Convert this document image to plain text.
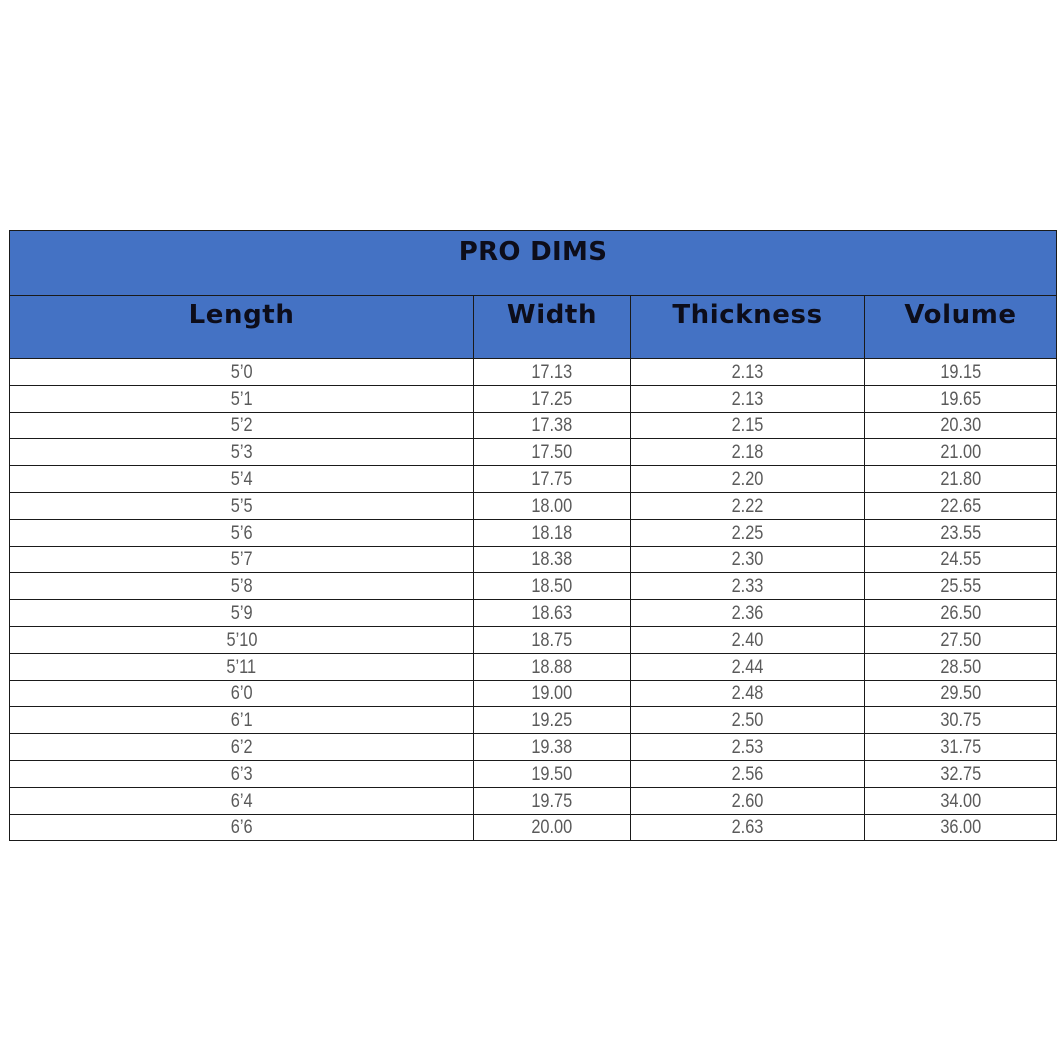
PRO DIMS			
Length	Width	Thickness	Volume
5’0	17.13	2.13	19.15
5’1	17.25	2.13	19.65
5’2	17.38	2.15	20.30
5’3	17.50	2.18	21.00
5’4	17.75	2.20	21.80
5’5	18.00	2.22	22.65
5’6	18.18	2.25	23.55
5’7	18.38	2.30	24.55
5’8	18.50	2.33	25.55
5’9	18.63	2.36	26.50
5’10	18.75	2.40	27.50
5’11	18.88	2.44	28.50
6’0	19.00	2.48	29.50
6’1	19.25	2.50	30.75
6’2	19.38	2.53	31.75
6’3	19.50	2.56	32.75
6’4	19.75	2.60	34.00
6’6	20.00	2.63	36.00
